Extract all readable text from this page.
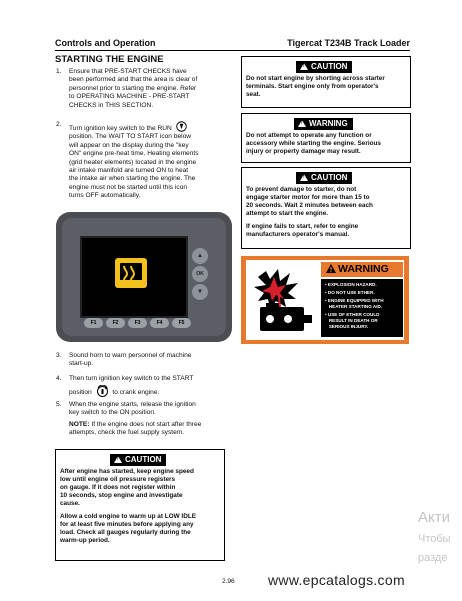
Controls and Operation	Tigercat T234B Track Loader
STARTING THE ENGINE
1. Ensure that PRE-START CHECKS have
been performed and that the area is clear of
personnel prior to starting the engine. Refer
to OPERATING MACHINE - PRE-START
CHECKS in THIS SECTION.
2.
Turn ignition key switch to the RUN
position. The WAIT TO START icon below
will appear on the display during the "key
ON" engine pre-heat time. Heating elements
(grid heater elements) located in the engine
air intake manifold are turned ON to heat
the intake air when starting the engine. The
engine must not be started until this icon
turns OFF automatically.
▲
OK
▼
F1	F2	F3	F4	F5
3. Sound horn to warn personnel of machine
start-up.
4. Then turn ignition key switch to the START
position	to crank engine.
5. When the engine starts, release the ignition
key switch to the ON position.
NOTE: If the engine does not start after three
attempts, check the fuel supply system.
!CAUTION
After engine has started, keep engine speed
low until engine oil pressure registers
on gauge. If it does not register within
10 seconds, stop engine and investigate
cause.
Allow a cold engine to warm up at LOW IDLE
for at least five minutes before applying any
load. Check all gauges regularly during the
warm-up period.
!CAUTION
Do not start engine by shorting across starter
terminals. Start engine only from operator's
seat.
!WARNING
Do not attempt to operate any function or
accessory while starting the engine. Serious
injury or property damage may result.
!CAUTION
To prevent damage to starter, do not
engage starter motor for more than 15 to
20 seconds. Wait 2 minutes between each
attempt to start the engine.
If engine fails to start, refer to engine
manufacturers operator's manual.
WARNING
• EXPLOSION HAZARD.
• DO NOT USE ETHER.
• ENGINE EQUIPPED WITH
HEATER STARTING AID.
• USE OF ETHER COULD
RESULT IN DEATH OR
SERIOUS INJURY.
2.96 www.epcatalogs.com
Акти
Чтобы
разде
